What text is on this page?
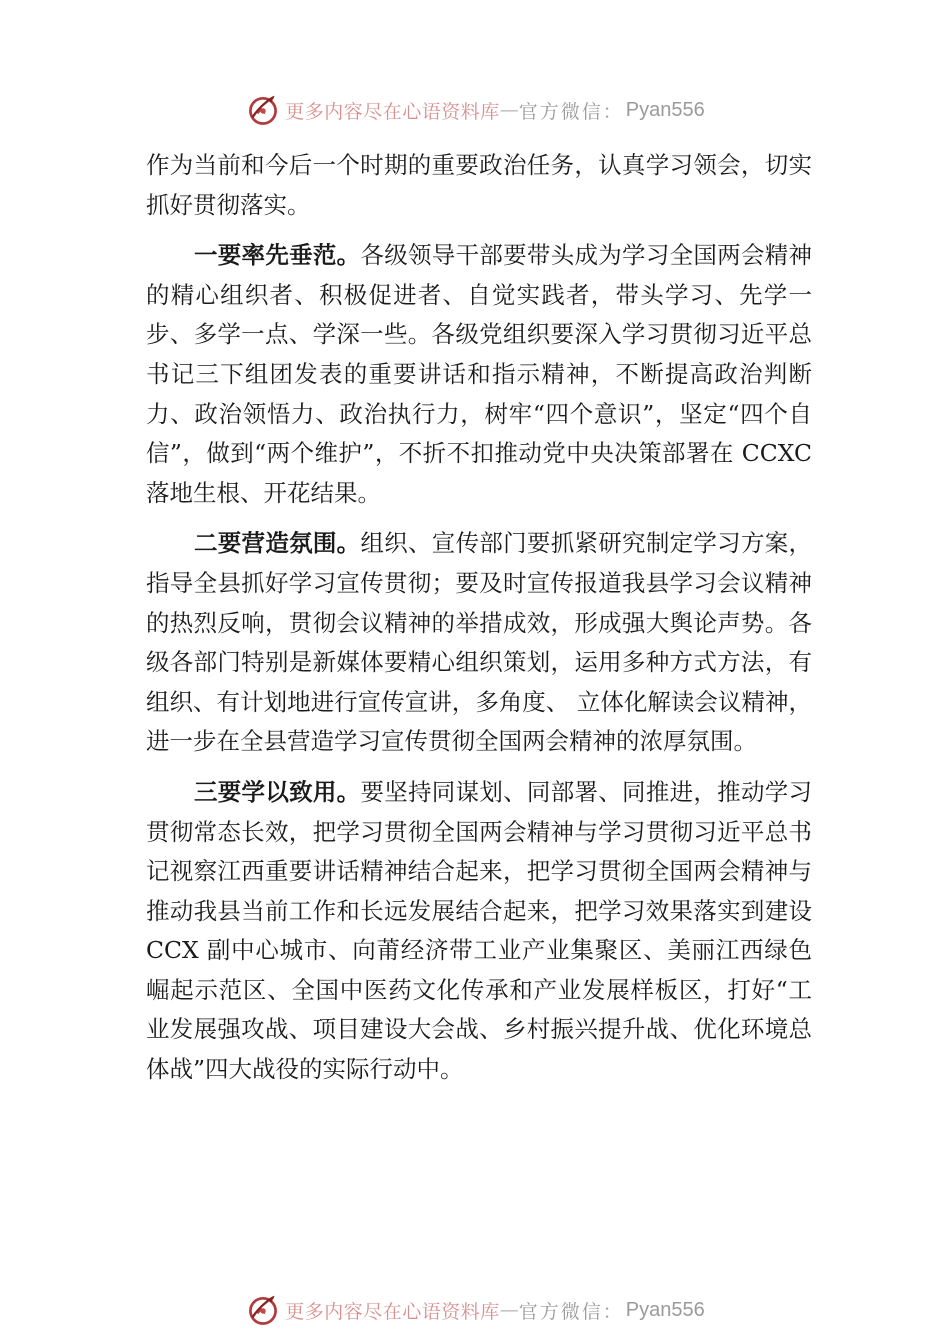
更多内容尽在心语资料库 — 官方微信： Pyan556

作为当前和今后一个时期的重要政治任务，认真学习领会，切实抓好贯彻落实。

一要率先垂范。各级领导干部要带头成为学习全国两会精神的精心组织者、积极促进者、自觉实践者，带头学习、先学一步、多学一点、学深一些。各级党组织要深入学习贯彻习近平总书记三下组团发表的重要讲话和指示精神，不断提高政治判断力、政治领悟力、政治执行力，树牢“四个意识”，坚定“四个自信”，做到“两个维护”，不折不扣推动党中央决策部署在 CCXC 落地生根、开花结果。

二要营造氛围。组织、宣传部门要抓紧研究制定学习方案，指导全县抓好学习宣传贯彻；要及时宣传报道我县学习会议精神的热烈反响，贯彻会议精神的举措成效，形成强大舆论声势。各级各部门特别是新媒体要精心组织策划，运用多种方式方法，有组织、有计划地进行宣传宣讲，多角度、 立体化解读会议精神，进一步在全县营造学习宣传贯彻全国两会精神的浓厚氛围。

三要学以致用。要坚持同谋划、同部署、同推进，推动学习贯彻常态长效，把学习贯彻全国两会精神与学习贯彻习近平总书记视察江西重要讲话精神结合起来，把学习贯彻全国两会精神与推动我县当前工作和长远发展结合起来，把学习效果落实到建设 CCX 副中心城市、向莆经济带工业产业集聚区、美丽江西绿色崛起示范区、全国中医药文化传承和产业发展样板区，打好“工业发展强攻战、项目建设大会战、乡村振兴提升战、优化环境总体战”四大战役的实际行动中。

更多内容尽在心语资料库 — 官方微信： Pyan556
